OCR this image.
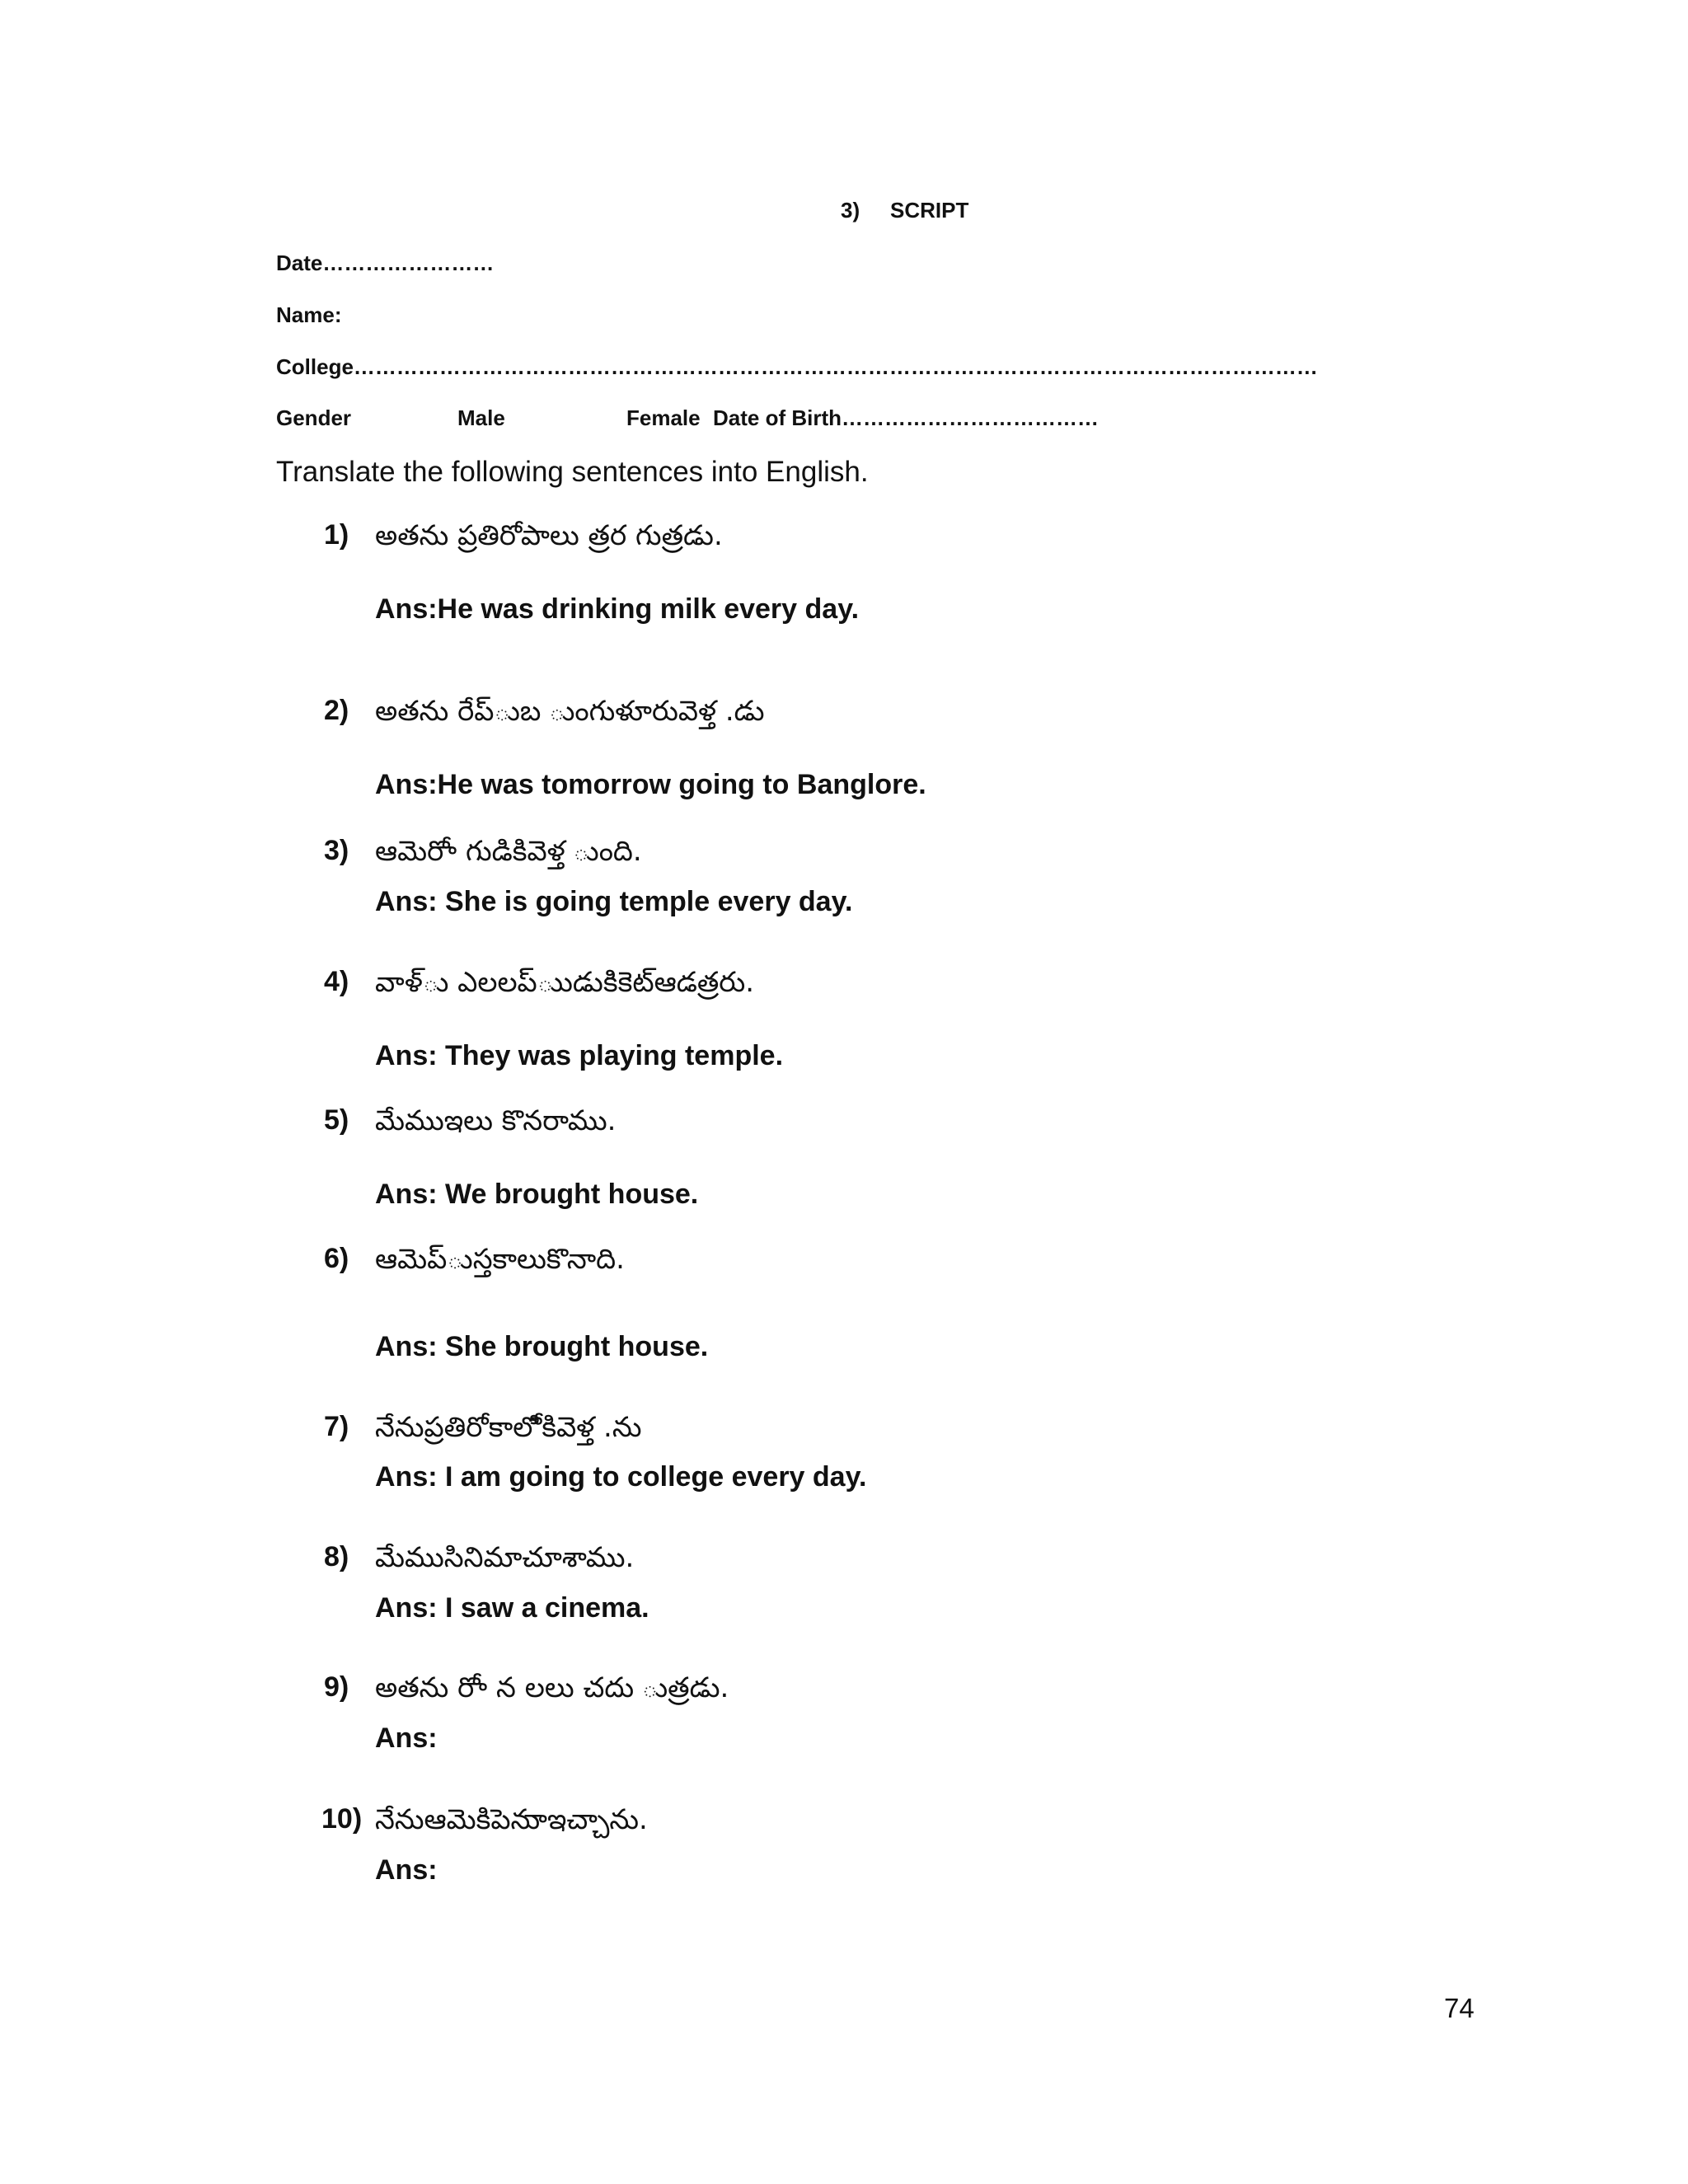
3) SCRIPT
Date……………………
Name:
College………………………………………………………………………………………………………………………
Gender	Male	Female Date of Birth………………………………
Translate the following sentences into English.
1) అతను ప్రతిరోపాలు త్రర గుత్రడు.
Ans:He was drinking milk every day.
2) అతను రేప్ుబ ుంగుళూరువెళ్త .డు
Ans:He was tomorrow going to Banglore.
3) ఆమెరోా గుడికివెళ్త ుంది.
Ans: She is going temple every day.
4) వాళ్ు ఎలలప్ుుడుకిికెట్ఆడత్రరు.
Ans: They was playing temple.
5) మేముఇలు కొనరాము.
Ans: We brought house.
6) ఆమెప్ుస్తకాలుకొనాది.
Ans: She brought house.
7) నేనుప్రతిరోకాలోికివెళ్త .ను
Ans: I am going to college every day.
8) మేముసినిమాచూశాము.
Ans: I saw a cinema.
9) అతను రోా న లలు చదు ుత్రడు.
Ans:
10) నేనుఆమెకిపెనుాఇచ్చాను.
Ans:
74
